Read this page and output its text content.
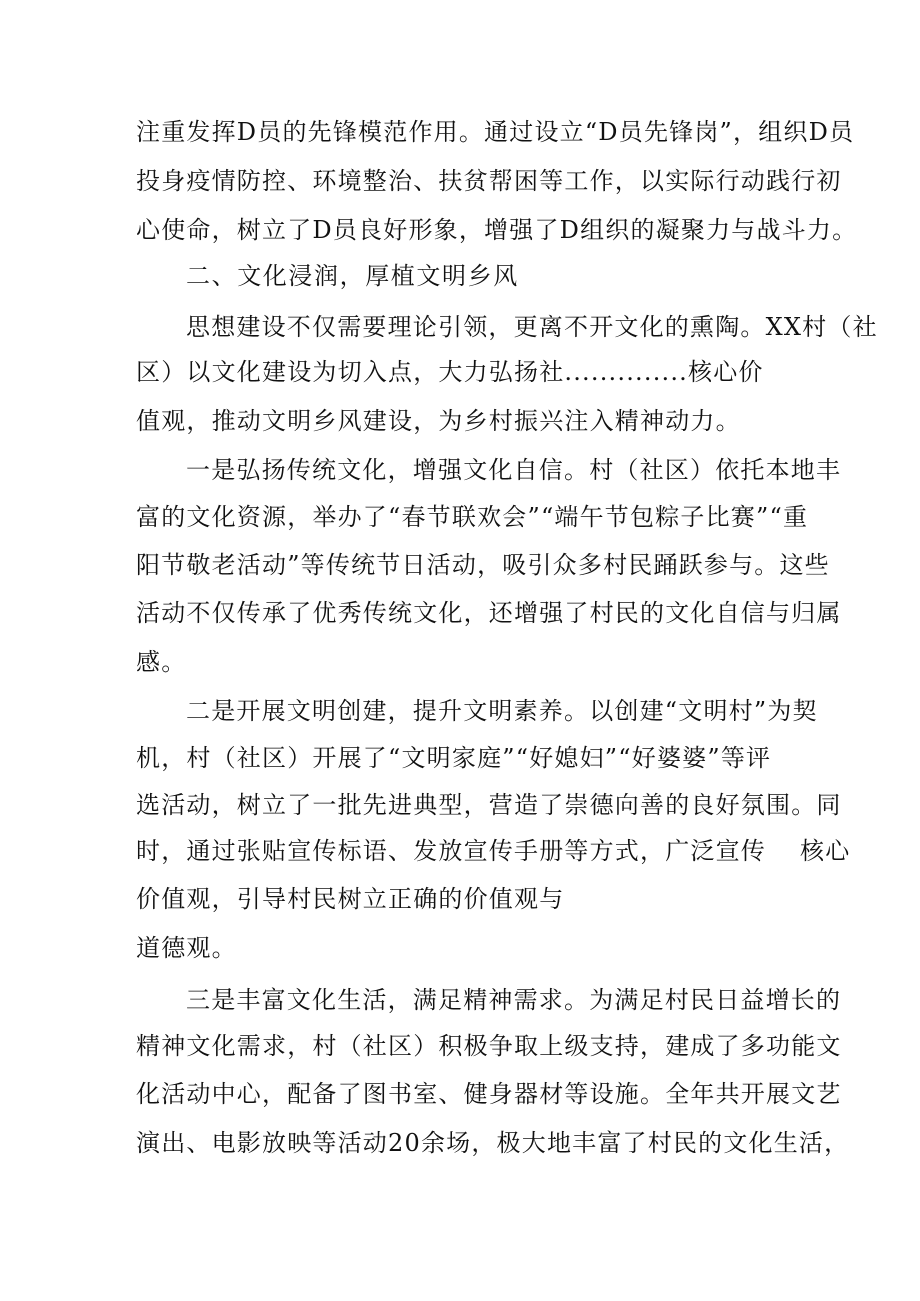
注重发挥D员的先锋模范作用。通过设立“D员先锋岗”，组织D员
投身疫情防控、环境整治、扶贫帮困等工作，以实际行动践行初
心使命，树立了D员良好形象，增强了D组织的凝聚力与战斗力。
二、文化浸润，厚植文明乡风
思想建设不仅需要理论引领，更离不开文化的熏陶。XX村（社
区）以文化建设为切入点，大力弘扬社..............核心价
值观，推动文明乡风建设，为乡村振兴注入精神动力。
一是弘扬传统文化，增强文化自信。村（社区）依托本地丰
富的文化资源，举办了“春节联欢会”“端午节包粽子比赛”“重
阳节敬老活动”等传统节日活动，吸引众多村民踊跃参与。这些
活动不仅传承了优秀传统文化，还增强了村民的文化自信与归属
感。
二是开展文明创建，提升文明素养。以创建“文明村”为契
机，村（社区）开展了“文明家庭”“好媳妇”“好婆婆”等评
选活动，树立了一批先进典型，营造了崇德向善的良好氛围。同
时，通过张贴宣传标语、发放宣传手册等方式，广泛宣传　 核心
价值观，引导村民树立正确的价值观与
道德观。
三是丰富文化生活，满足精神需求。为满足村民日益增长的
精神文化需求，村（社区）积极争取上级支持，建成了多功能文
化活动中心，配备了图书室、健身器材等设施。全年共开展文艺
演出、电影放映等活动20余场，极大地丰富了村民的文化生活，
